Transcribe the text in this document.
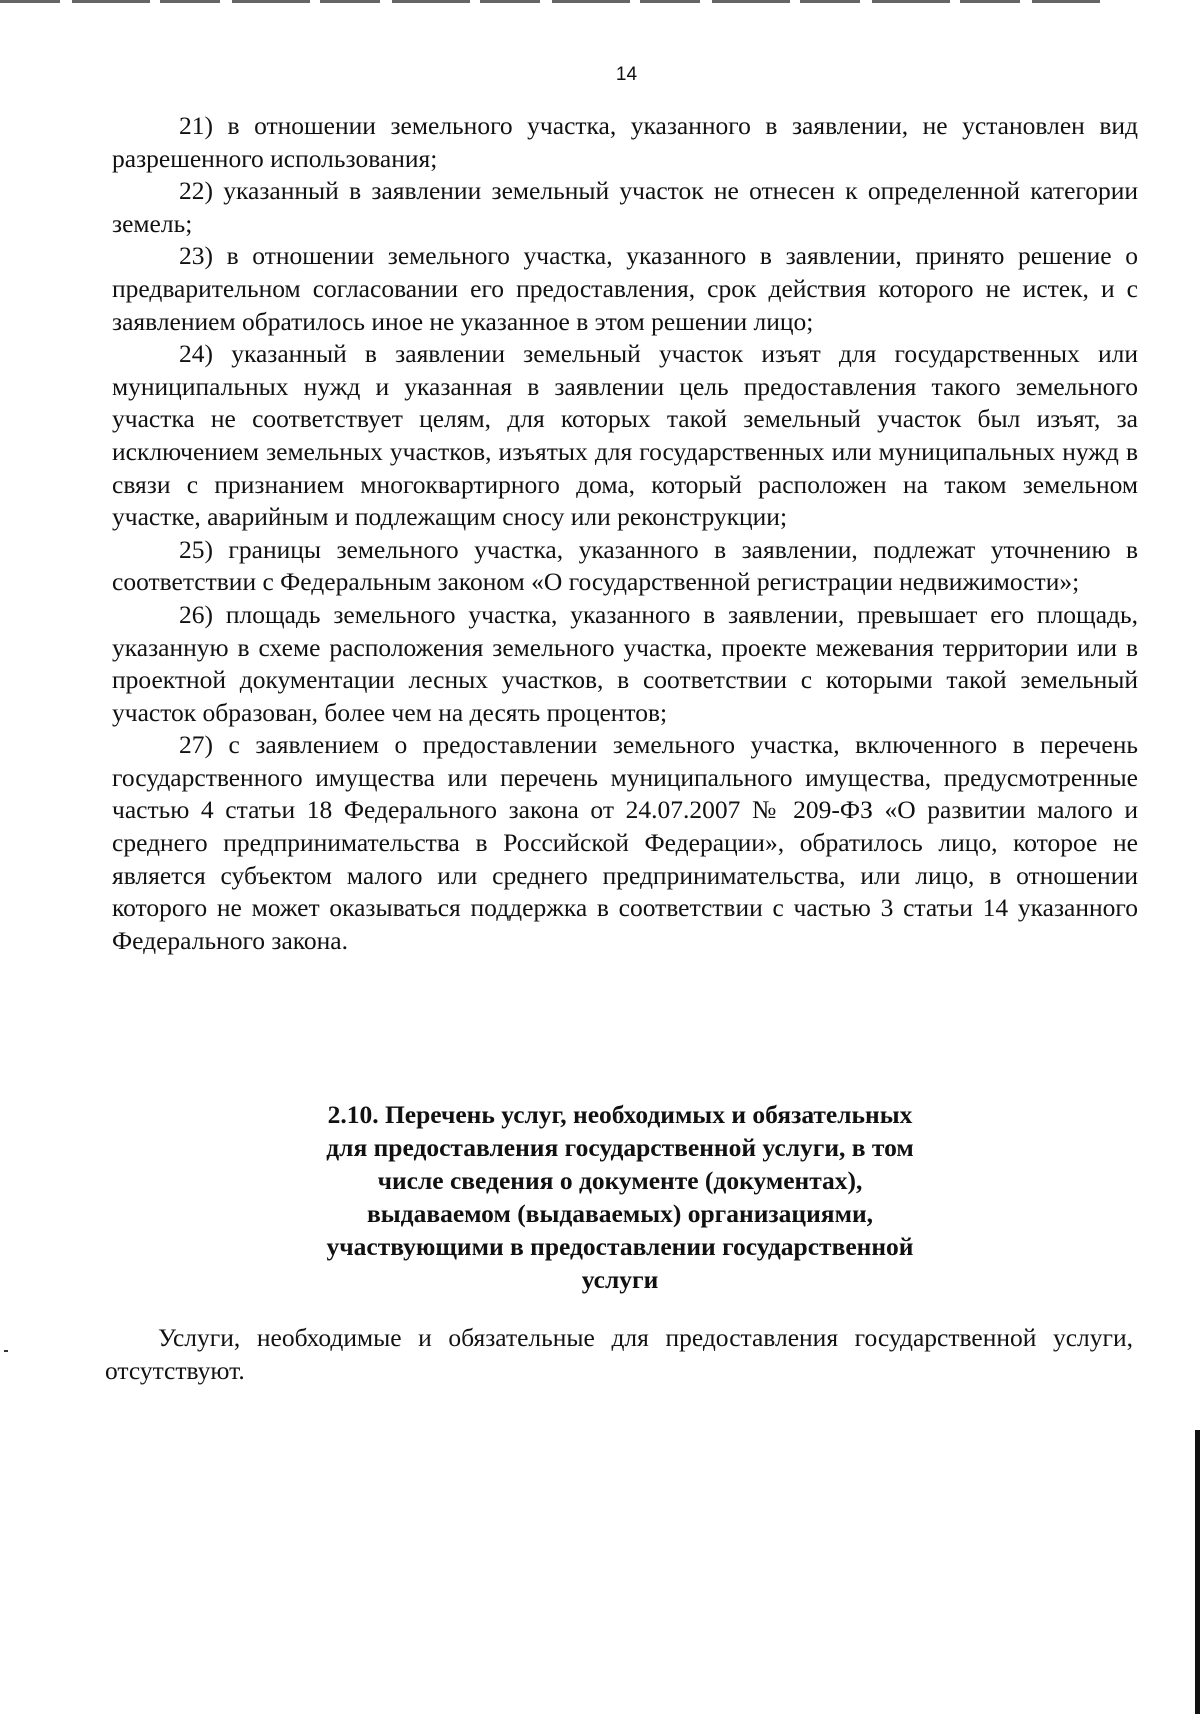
14

21) в отношении земельного участка, указанного в заявлении, не установлен вид разрешенного использования;

22) указанный в заявлении земельный участок не отнесен к определенной категории земель;

23) в отношении земельного участка, указанного в заявлении, принято решение о предварительном согласовании его предоставления, срок действия которого не истек, и с заявлением обратилось иное не указанное в этом решении лицо;

24) указанный в заявлении земельный участок изъят для государственных или муниципальных нужд и указанная в заявлении цель предоставления такого земельного участка не соответствует целям, для которых такой земельный участок был изъят, за исключением земельных участков, изъятых для государственных или муниципальных нужд в связи с признанием многоквартирного дома, который расположен на таком земельном участке, аварийным и подлежащим сносу или реконструкции;

25) границы земельного участка, указанного в заявлении, подлежат уточнению в соответствии с Федеральным законом «О государственной регистрации недвижимости»;

26) площадь земельного участка, указанного в заявлении, превышает его площадь, указанную в схеме расположения земельного участка, проекте межевания территории или в проектной документации лесных участков, в соответствии с которыми такой земельный участок образован, более чем на десять процентов;

27) с заявлением о предоставлении земельного участка, включенного в перечень государственного имущества или перечень муниципального имущества, предусмотренные частью 4 статьи 18 Федерального закона от 24.07.2007 № 209-ФЗ «О развитии малого и среднего предпринимательства в Российской Федерации», обратилось лицо, которое не является субъектом малого или среднего предпринимательства, или лицо, в отношении которого не может оказываться поддержка в соответствии с частью 3 статьи 14 указанного Федерального закона.

2.10. Перечень услуг, необходимых и обязательных
для предоставления государственной услуги, в том
числе сведения о документе (документах),
выдаваемом (выдаваемых) организациями,
участвующими в предоставлении государственной
услуги

Услуги, необходимые и обязательные для предоставления государственной услуги, отсутствуют.
